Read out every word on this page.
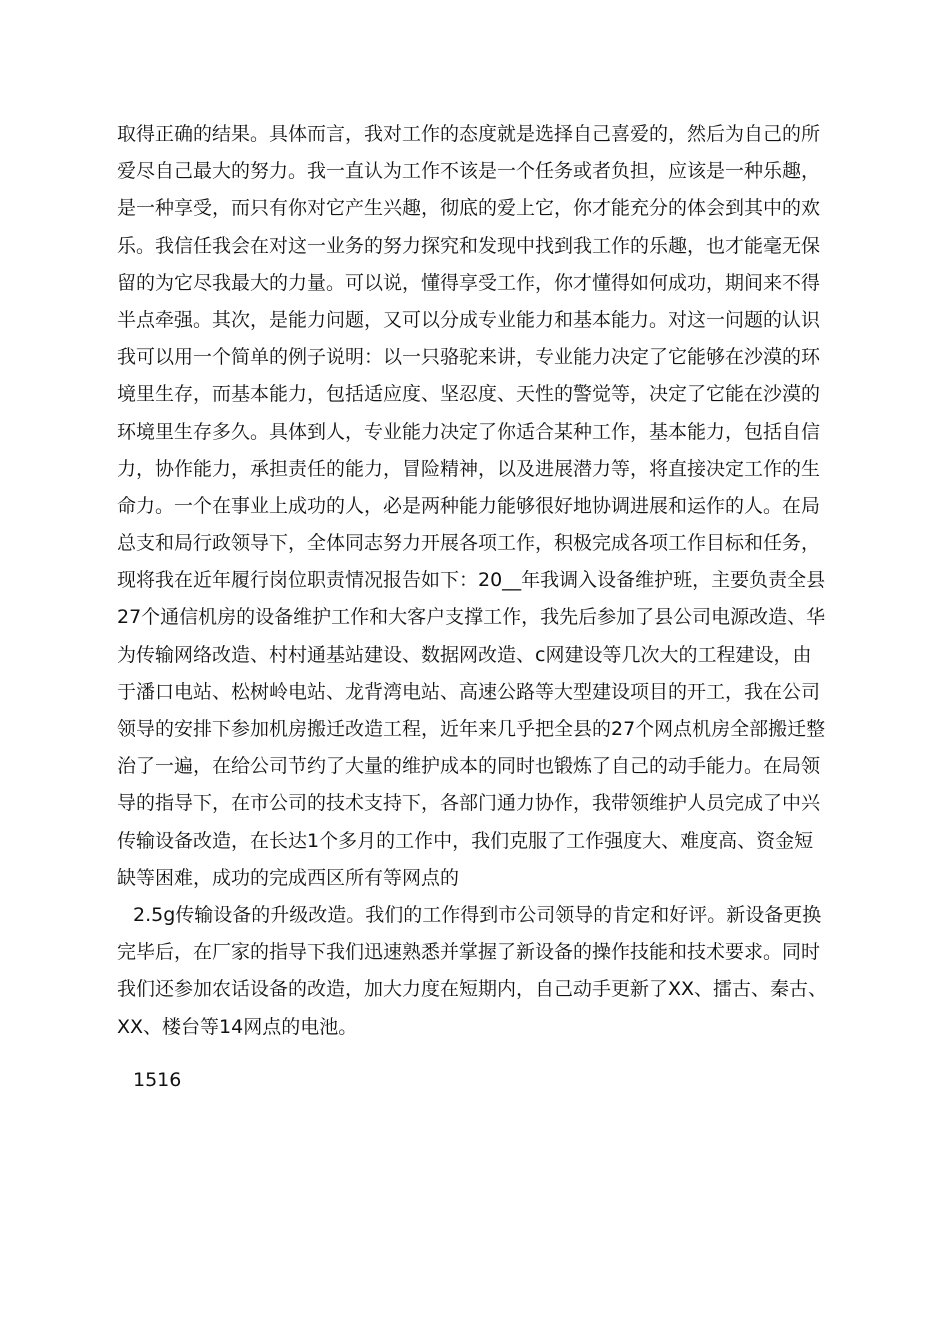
取得正确的结果。具体而言，我对工作的态度就是选择自己喜爱的，然后为自己的所
爱尽自己最大的努力。我一直认为工作不该是一个任务或者负担，应该是一种乐趣，
是一种享受，而只有你对它产生兴趣，彻底的爱上它，你才能充分的体会到其中的欢
乐。我信任我会在对这一业务的努力探究和发现中找到我工作的乐趣，也才能毫无保
留的为它尽我最大的力量。可以说，懂得享受工作，你才懂得如何成功，期间来不得
半点牵强。其次，是能力问题，又可以分成专业能力和基本能力。对这一问题的认识
我可以用一个简单的例子说明：以一只骆驼来讲，专业能力决定了它能够在沙漠的环
境里生存，而基本能力，包括适应度、坚忍度、天性的警觉等，决定了它能在沙漠的
环境里生存多久。具体到人，专业能力决定了你适合某种工作，基本能力，包括自信
力，协作能力，承担责任的能力，冒险精神，以及进展潜力等，将直接决定工作的生
命力。一个在事业上成功的人，必是两种能力能够很好地协调进展和运作的人。在局
总支和局行政领导下，全体同志努力开展各项工作，积极完成各项工作目标和任务，
现将我在近年履行岗位职责情况报告如下：20__年我调入设备维护班，主要负责全县
27个通信机房的设备维护工作和大客户支撑工作，我先后参加了县公司电源改造、华
为传输网络改造、村村通基站建设、数据网改造、c网建设等几次大的工程建设，由
于潘口电站、松树岭电站、龙背湾电站、高速公路等大型建设项目的开工，我在公司
领导的安排下参加机房搬迁改造工程，近年来几乎把全县的27个网点机房全部搬迁整
治了一遍，在给公司节约了大量的维护成本的同时也锻炼了自己的动手能力。在局领
导的指导下，在市公司的技术支持下，各部门通力协作，我带领维护人员完成了中兴
传输设备改造，在长达1个多月的工作中，我们克服了工作强度大、难度高、资金短
缺等困难，成功的完成西区所有等网点的
2.5g传输设备的升级改造。我们的工作得到市公司领导的肯定和好评。新设备更换
完毕后，在厂家的指导下我们迅速熟悉并掌握了新设备的操作技能和技术要求。同时
我们还参加农话设备的改造，加大力度在短期内，自己动手更新了XX、擂古、秦古、
XX、楼台等14网点的电池。
1516
